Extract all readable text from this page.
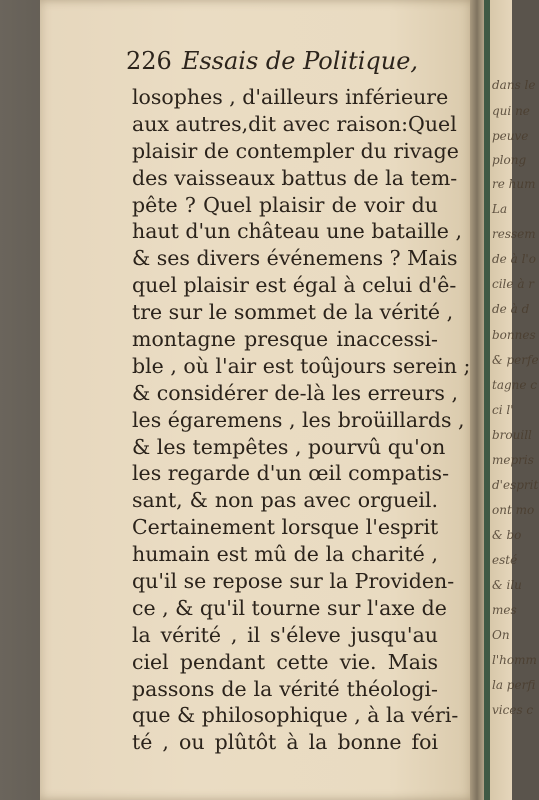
226 Essais de Politique,
losophes , d'ailleurs inférieure
aux autres,dit avec raison:Quel
plaisir de contempler du rivage
des vaisseaux battus de la tem-
pête ? Quel plaisir de voir du
haut d'un château une bataille ,
& ses divers événemens ? Mais
quel plaisir est égal à celui d'ê-
tre sur le sommet de la vérité ,
montagne presque inaccessi-
ble , où l'air est toûjours serein ;
& considérer de-là les erreurs ,
les égaremens , les broüillards ,
& les tempêtes , pourvû qu'on
les regarde d'un œil compatis-
sant, & non pas avec orgueil.
Certainement lorsque l'esprit
humain est mû de la charité ,
qu'il se repose sur la Providen-
ce , & qu'il tourne sur l'axe de
la vérité , il s'éleve jusqu'au
ciel pendant cette vie. Mais
passons de la vérité théologi-
que & philosophique , à la véri-
té , ou plûtôt à la bonne foi
dans le
qui ne
peuve
plong
re hum
La
ressem
de à l'o
cile à r
de à d
bonnes
& perfe
tagne c
ci l'
brouill
mepris
d'esprit
ont mo
& bo
esté
& ilu
mes
On
l'homm
la perfi
vices c
